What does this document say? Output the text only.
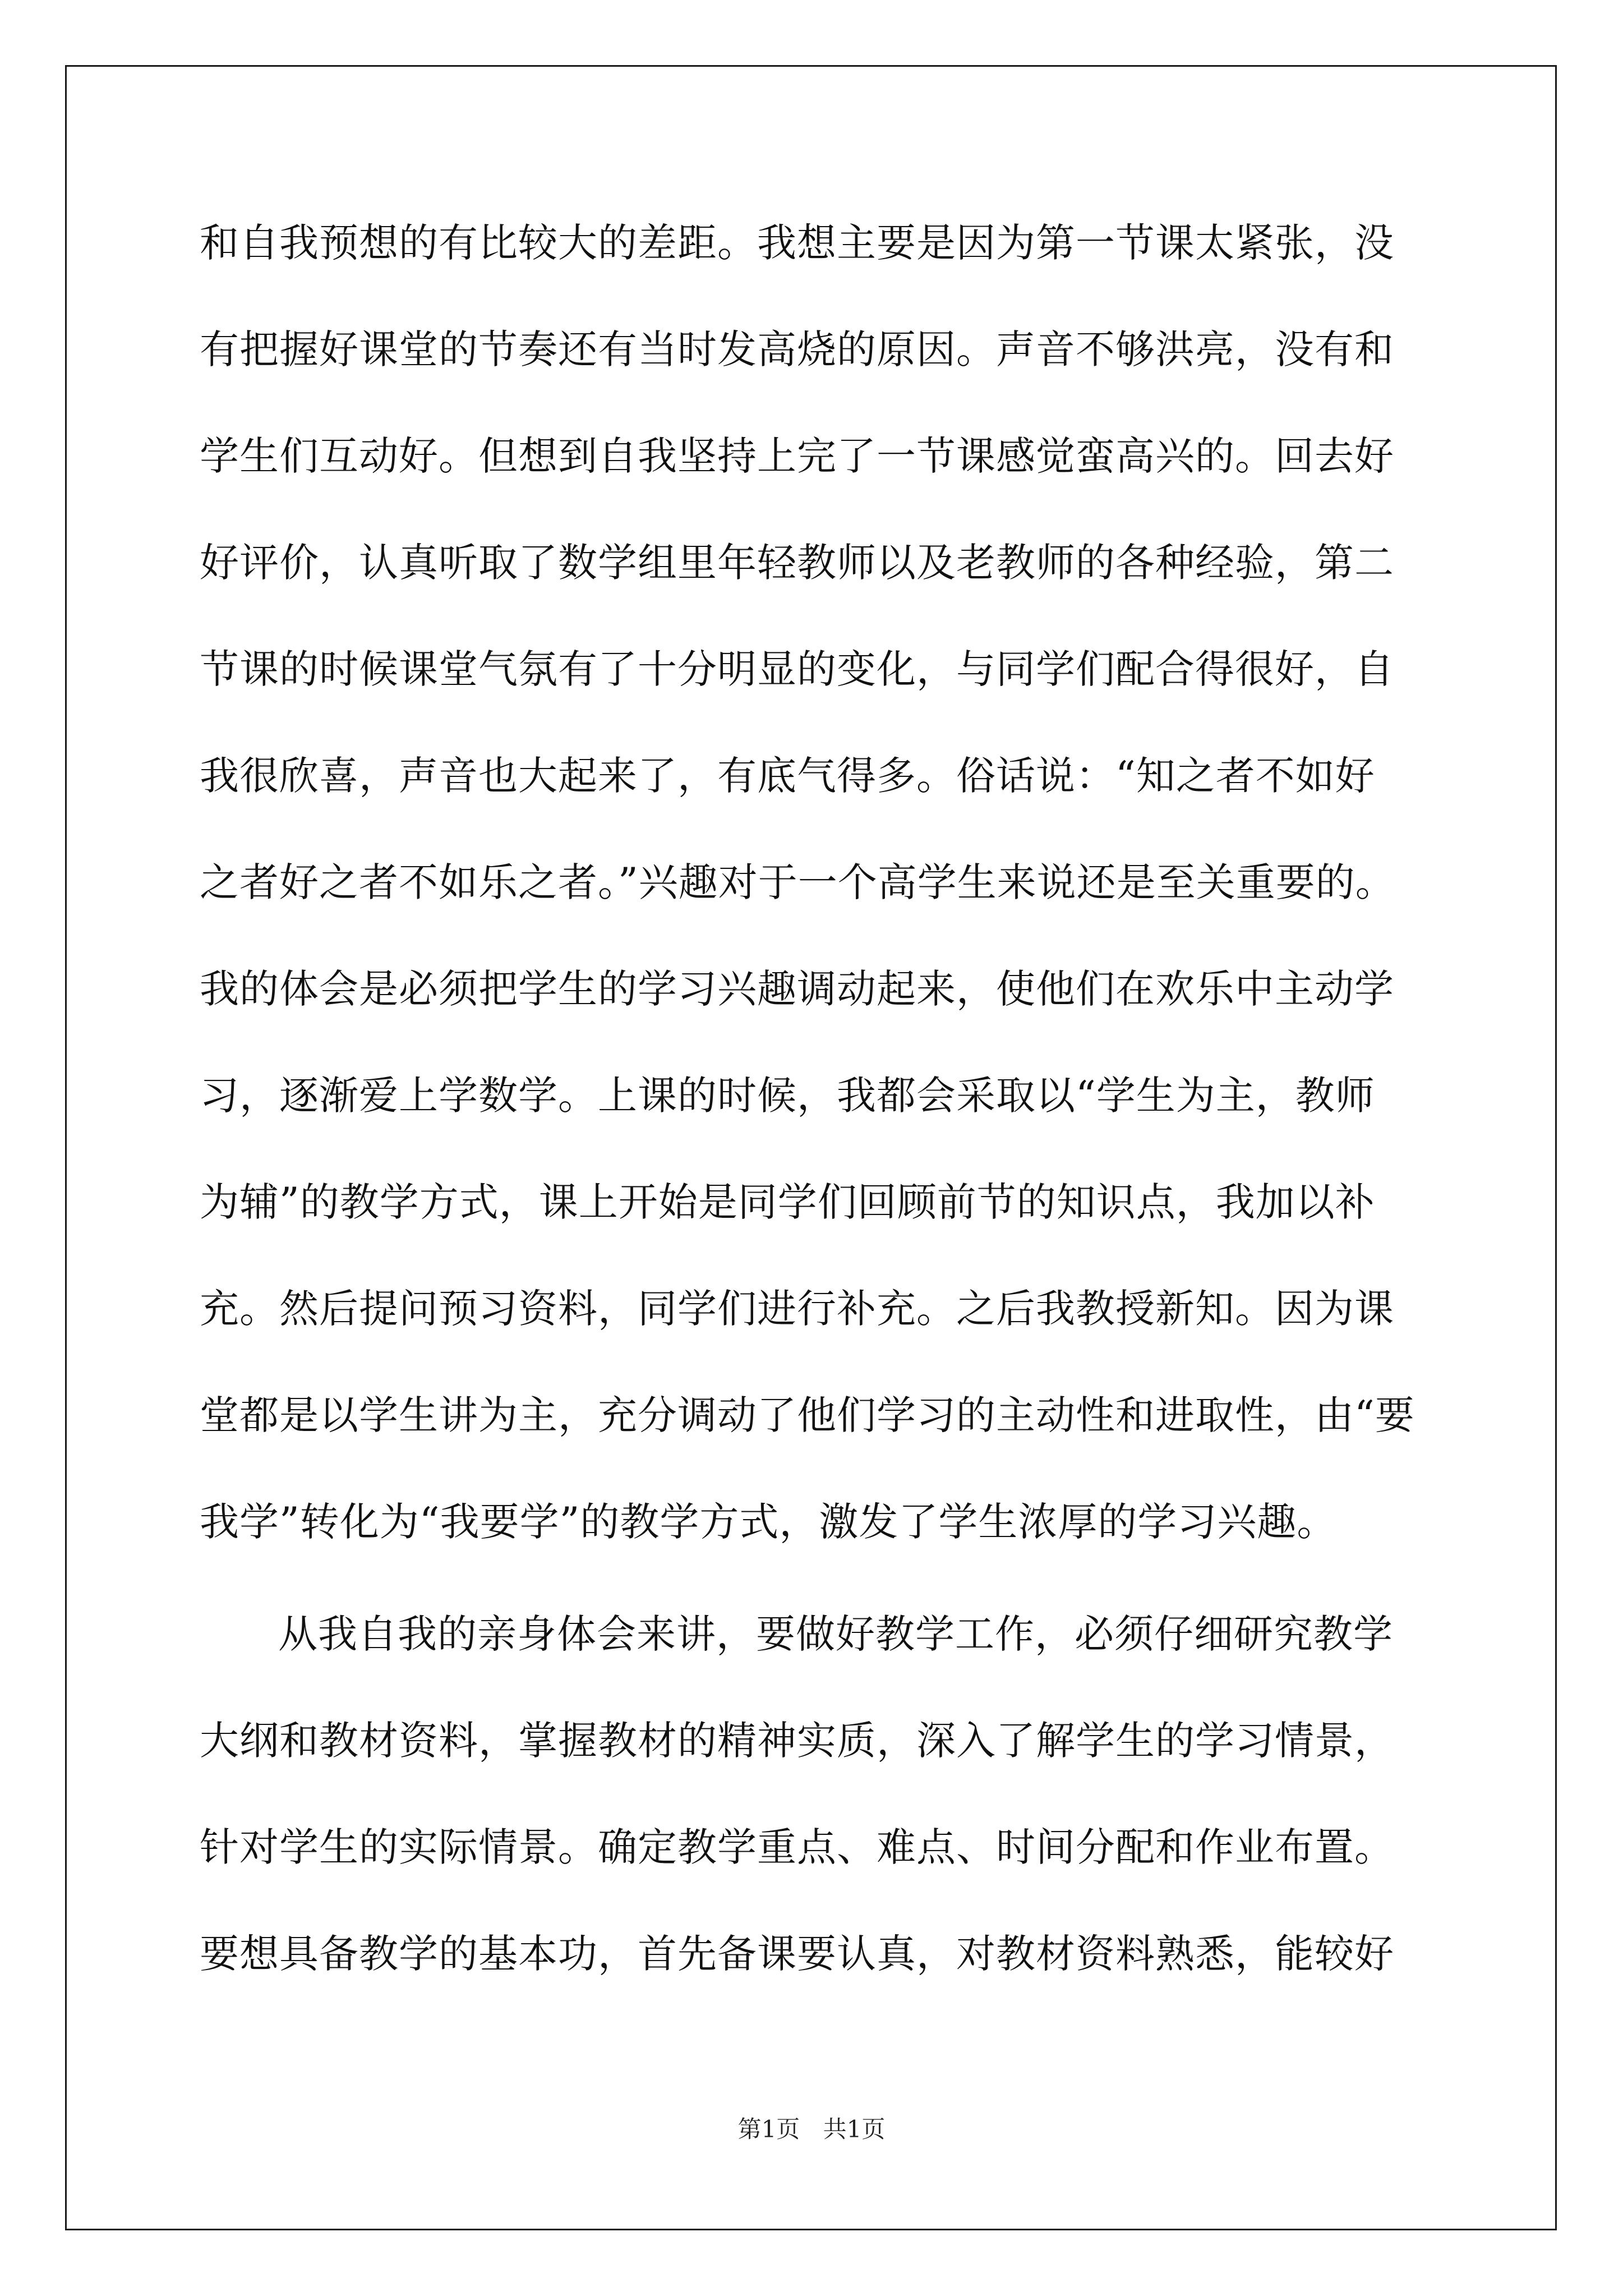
和自我预想的有比较大的差距。我想主要是因为第一节课太紧张，没
有把握好课堂的节奏还有当时发高烧的原因。声音不够洪亮，没有和
学生们互动好。但想到自我坚持上完了一节课感觉蛮高兴的。回去好
好评价，认真听取了数学组里年轻教师以及老教师的各种经验，第二
节课的时候课堂气氛有了十分明显的变化，与同学们配合得很好，自
我很欣喜，声音也大起来了，有底气得多。俗话说：“知之者不如好
之者好之者不如乐之者。”兴趣对于一个高学生来说还是至关重要的。
我的体会是必须把学生的学习兴趣调动起来，使他们在欢乐中主动学
习，逐渐爱上学数学。上课的时候，我都会采取以“学生为主，教师
为辅”的教学方式，课上开始是同学们回顾前节的知识点，我加以补
充。然后提问预习资料，同学们进行补充。之后我教授新知。因为课
堂都是以学生讲为主，充分调动了他们学习的主动性和进取性，由“要
我学”转化为“我要学”的教学方式，激发了学生浓厚的学习兴趣。
从我自我的亲身体会来讲，要做好教学工作，必须仔细研究教学
大纲和教材资料，掌握教材的精神实质，深入了解学生的学习情景，
针对学生的实际情景。确定教学重点、难点、时间分配和作业布置。
要想具备教学的基本功，首先备课要认真，对教材资料熟悉，能较好
第1页 共1页
